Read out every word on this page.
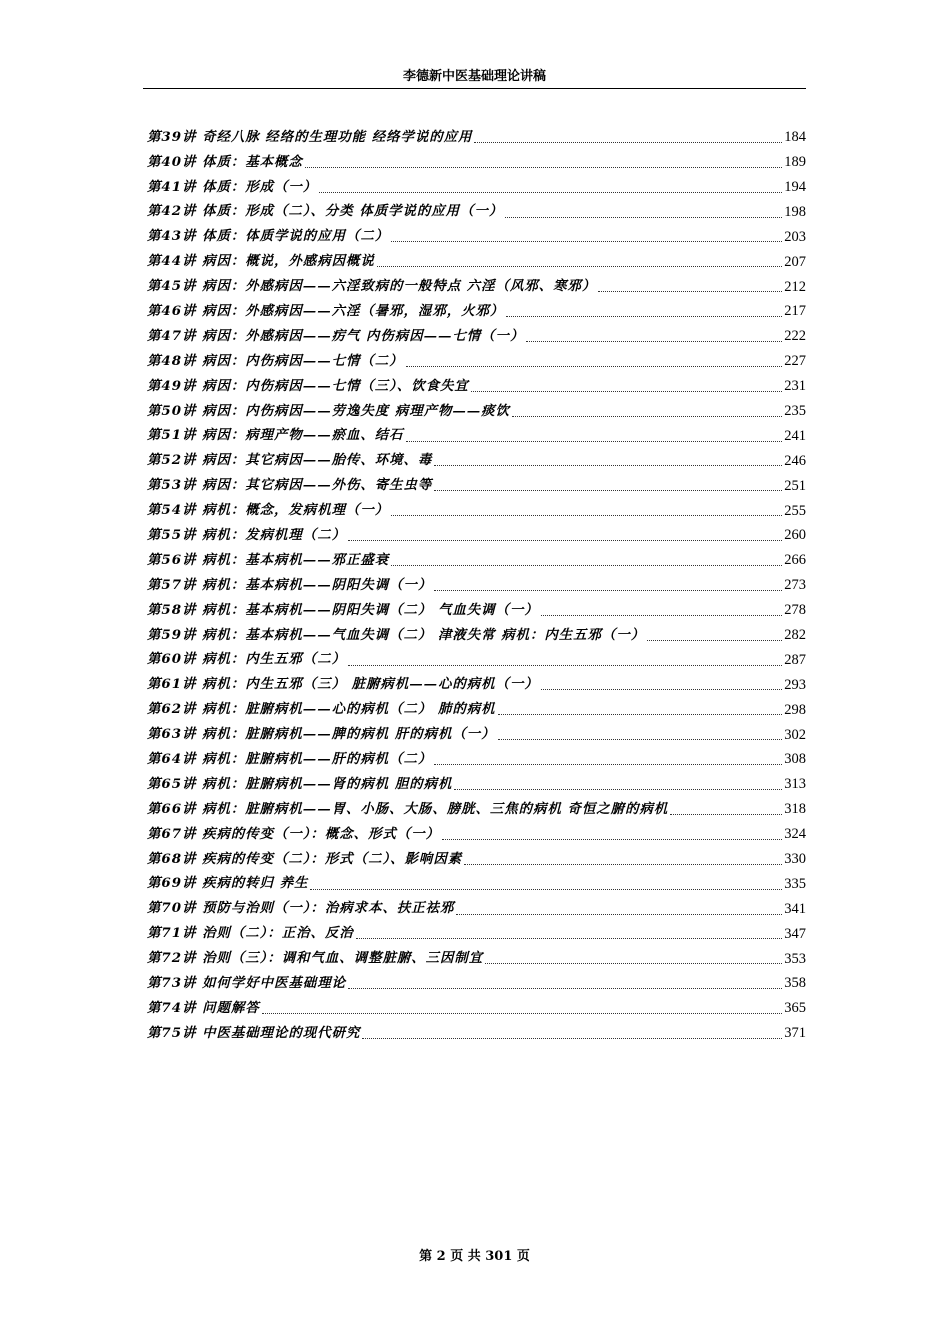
李德新中医基础理论讲稿
第39讲 奇经八脉 经络的生理功能 经络学说的应用	184
第40讲 体质：基本概念	189
第41讲 体质：形成（一）	194
第42讲 体质：形成（二）、分类 体质学说的应用（一）	198
第43讲 体质：体质学说的应用（二）	203
第44讲 病因：概说，外感病因概说	207
第45讲 病因：外感病因——六淫致病的一般特点 六淫（风邪、寒邪）	212
第46讲 病因：外感病因——六淫（暑邪，湿邪，火邪）	217
第47讲 病因：外感病因——疠气 内伤病因——七情（一）	222
第48讲 病因：内伤病因——七情（二）	227
第49讲 病因：内伤病因——七情（三）、饮食失宜	231
第50讲 病因：内伤病因——劳逸失度 病理产物——痰饮	235
第51讲 病因：病理产物——瘀血、结石	241
第52讲 病因：其它病因——胎传、环境、毒	246
第53讲 病因：其它病因——外伤、寄生虫等	251
第54讲 病机：概念，发病机理（一）	255
第55讲 病机：发病机理（二）	260
第56讲 病机：基本病机——邪正盛衰	266
第57讲 病机：基本病机——阴阳失调（一）	273
第58讲 病机：基本病机——阴阳失调（二） 气血失调（一）	278
第59讲 病机：基本病机——气血失调（二） 津液失常 病机：内生五邪（一）	282
第60讲 病机：内生五邪（二）	287
第61讲 病机：内生五邪（三） 脏腑病机——心的病机（一）	293
第62讲 病机：脏腑病机——心的病机（二） 肺的病机	298
第63讲 病机：脏腑病机——脾的病机 肝的病机（一）	302
第64讲 病机：脏腑病机——肝的病机（二）	308
第65讲 病机：脏腑病机——肾的病机 胆的病机	313
第66讲 病机：脏腑病机——胃、小肠、大肠、膀胱、三焦的病机 奇恒之腑的病机	318
第67讲 疾病的传变（一）：概念、形式（一）	324
第68讲 疾病的传变（二）：形式（二）、影响因素	330
第69讲 疾病的转归 养生	335
第70讲 预防与治则（一）：治病求本、扶正祛邪	341
第71讲 治则（二）：正治、反治	347
第72讲 治则（三）：调和气血、调整脏腑、三因制宜	353
第73讲 如何学好中医基础理论	358
第74讲 问题解答	365
第75讲 中医基础理论的现代研究	371
第 2 页 共 301 页
